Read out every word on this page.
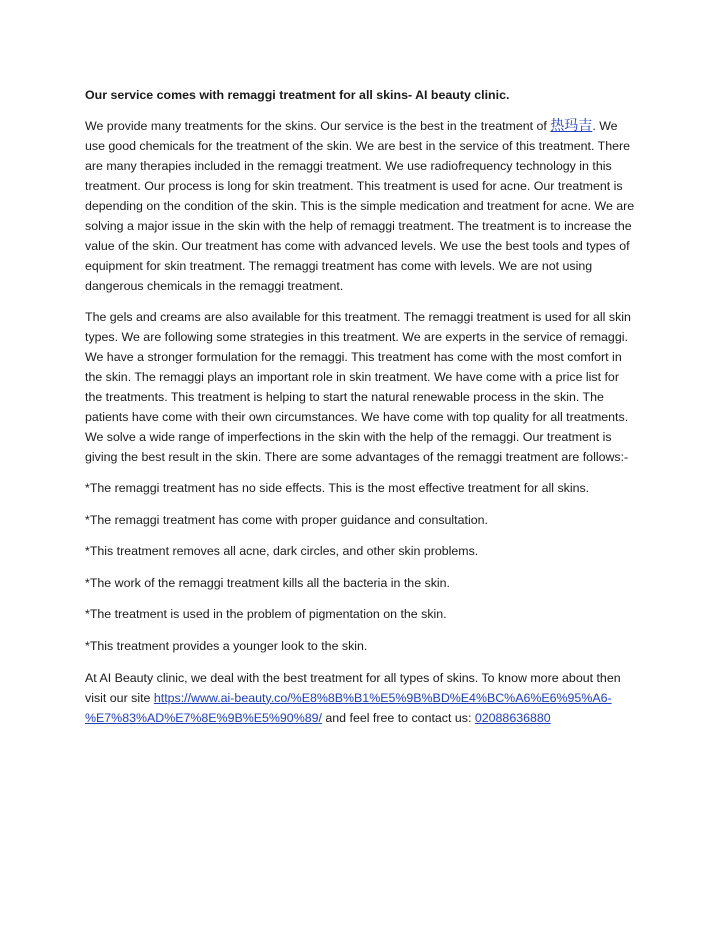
Our service comes with remaggi treatment for all skins- AI beauty clinic.

We provide many treatments for the skins. Our service is the best in the treatment of 热玛吉. We use good chemicals for the treatment of the skin. We are best in the service of this treatment. There are many therapies included in the remaggi treatment. We use radiofrequency technology in this treatment. Our process is long for skin treatment. This treatment is used for acne. Our treatment is depending on the condition of the skin. This is the simple medication and treatment for acne. We are solving a major issue in the skin with the help of remaggi treatment. The treatment is to increase the value of the skin. Our treatment has come with advanced levels. We use the best tools and types of equipment for skin treatment. The remaggi treatment has come with levels. We are not using dangerous chemicals in the remaggi treatment.

The gels and creams are also available for this treatment. The remaggi treatment is used for all skin types. We are following some strategies in this treatment. We are experts in the service of remaggi. We have a stronger formulation for the remaggi. This treatment has come with the most comfort in the skin. The remaggi plays an important role in skin treatment. We have come with a price list for the treatments. This treatment is helping to start the natural renewable process in the skin. The patients have come with their own circumstances. We have come with top quality for all treatments. We solve a wide range of imperfections in the skin with the help of the remaggi. Our treatment is giving the best result in the skin. There are some advantages of the remaggi treatment are follows:-

*The remaggi treatment has no side effects. This is the most effective treatment for all skins.

*The remaggi treatment has come with proper guidance and consultation.

*This treatment removes all acne, dark circles, and other skin problems.

*The work of the remaggi treatment kills all the bacteria in the skin.

*The treatment is used in the problem of pigmentation on the skin.

*This treatment provides a younger look to the skin.

At AI Beauty clinic, we deal with the best treatment for all types of skins. To know more about then visit our site https://www.ai-beauty.co/%E8%8B%B1%E5%9B%BD%E4%BC%A6%E6%95%A6-%E7%83%AD%E7%8E%9B%E5%90%89/ and feel free to contact us: 02088636880
